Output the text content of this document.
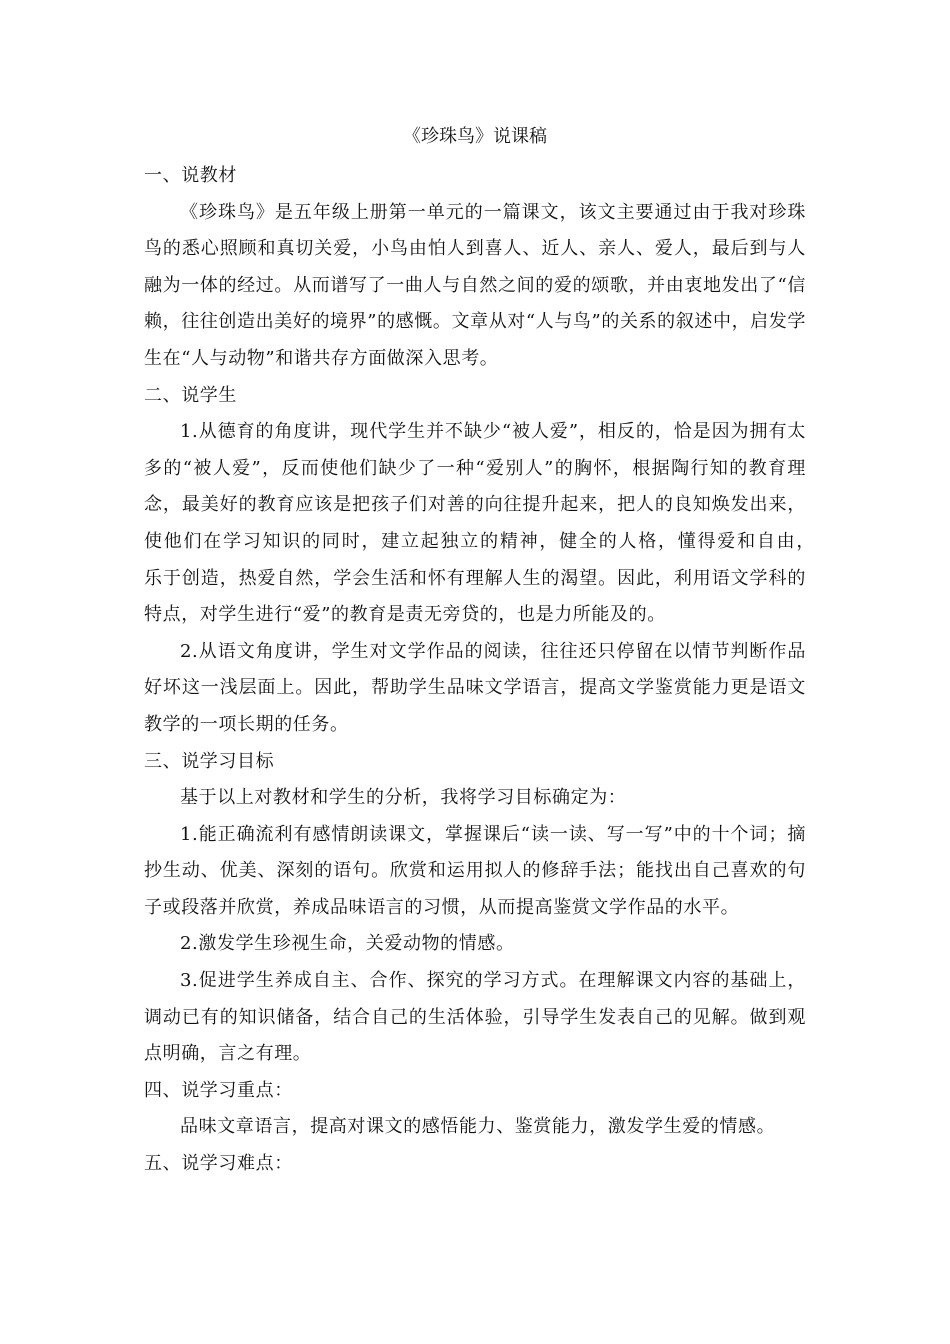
《珍珠鸟》说课稿

一、说教材

《珍珠鸟》是五年级上册第一单元的一篇课文，该文主要通过由于我对珍珠鸟的悉心照顾和真切关爱，小鸟由怕人到喜人、近人、亲人、爱人，最后到与人融为一体的经过。从而谱写了一曲人与自然之间的爱的颂歌，并由衷地发出了“信赖，往往创造出美好的境界”的感慨。文章从对“人与鸟”的关系的叙述中，启发学生在“人与动物”和谐共存方面做深入思考。

二、说学生

1.从德育的角度讲，现代学生并不缺少“被人爱”，相反的，恰是因为拥有太多的“被人爱”，反而使他们缺少了一种“爱别人”的胸怀，根据陶行知的教育理念，最美好的教育应该是把孩子们对善的向往提升起来，把人的良知焕发出来，使他们在学习知识的同时，建立起独立的精神，健全的人格，懂得爱和自由，　 乐于创造，热爱自然，学会生活和怀有理解人生的渴望。因此，利用语文学科的特点，对学生进行“爱”的教育是责无旁贷的，也是力所能及的。

2.从语文角度讲，学生对文学作品的阅读，往往还只停留在以情节判断作品好坏这一浅层面上。因此，帮助学生品味文学语言，提高文学鉴赏能力更是语文教学的一项长期的任务。

三、说学习目标

基于以上对教材和学生的分析，我将学习目标确定为：

1.能正确流利有感情朗读课文，掌握课后“读一读、写一写”中的十个词；摘抄生动、优美、深刻的语句。欣赏和运用拟人的修辞手法；能找出自己喜欢的句子或段落并欣赏，养成品味语言的习惯，从而提高鉴赏文学作品的水平。

2.激发学生珍视生命，关爱动物的情感。

3.促进学生养成自主、合作、探究的学习方式。在理解课文内容的基础上，调动已有的知识储备，结合自己的生活体验，引导学生发表自己的见解。做到观点明确，言之有理。

四、说学习重点：

品味文章语言，提高对课文的感悟能力、鉴赏能力，激发学生爱的情感。

五、说学习难点：
